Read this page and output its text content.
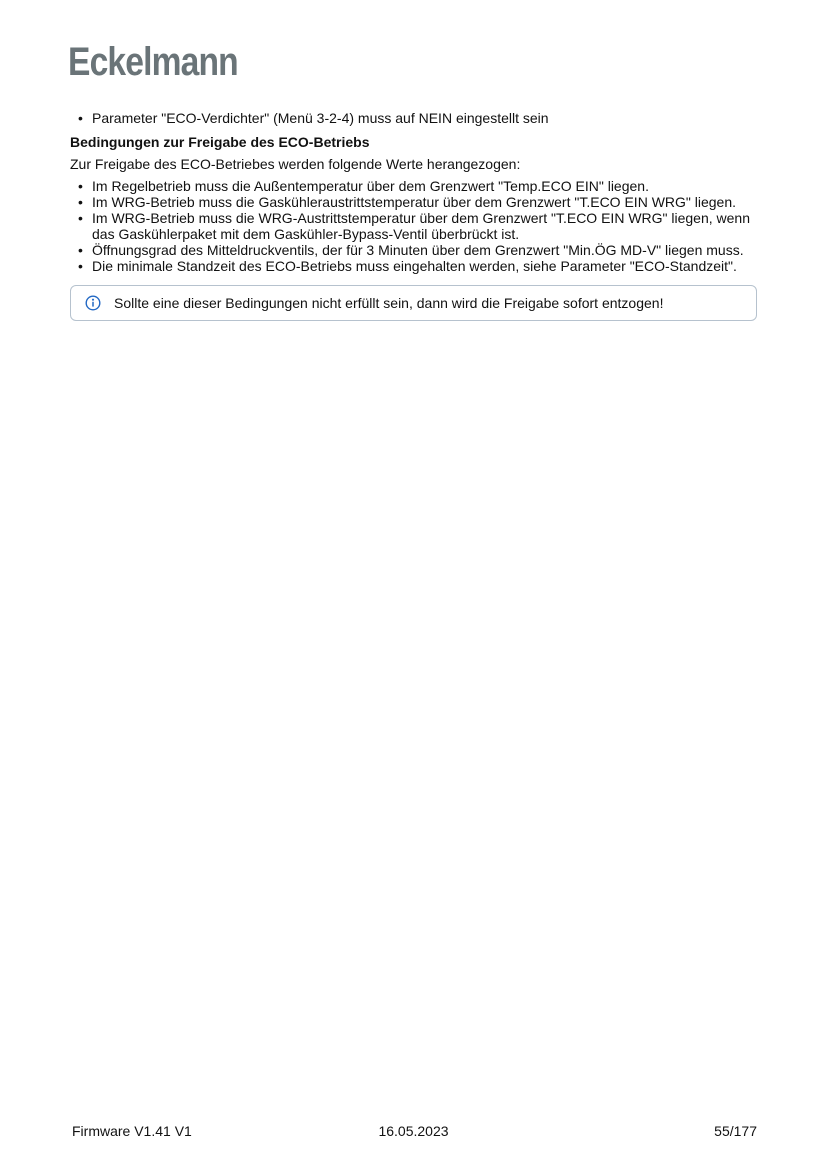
Eckelmann
• Parameter "ECO-Verdichter" (Menü 3-2-4) muss auf NEIN eingestellt sein
Bedingungen zur Freigabe des ECO-Betriebs
Zur Freigabe des ECO-Betriebes werden folgende Werte herangezogen:
• Im Regelbetrieb muss die Außentemperatur über dem Grenzwert "Temp.ECO EIN" liegen.
• Im WRG-Betrieb muss die Gaskühleraustrittstemperatur über dem Grenzwert "T.ECO EIN WRG" liegen.
• Im WRG-Betrieb muss die WRG-Austrittstemperatur über dem Grenzwert "T.ECO EIN WRG" liegen, wenn das Gaskühlerpaket mit dem Gaskühler-Bypass-Ventil überbrückt ist.
• Öffnungsgrad des Mitteldruckventils, der für 3 Minuten über dem Grenzwert "Min.ÖG MD-V" liegen muss.
• Die minimale Standzeit des ECO-Betriebs muss eingehalten werden, siehe Parameter "ECO-Standzeit".
Sollte eine dieser Bedingungen nicht erfüllt sein, dann wird die Freigabe sofort entzogen!
Firmware V1.41 V1	16.05.2023	55/177
